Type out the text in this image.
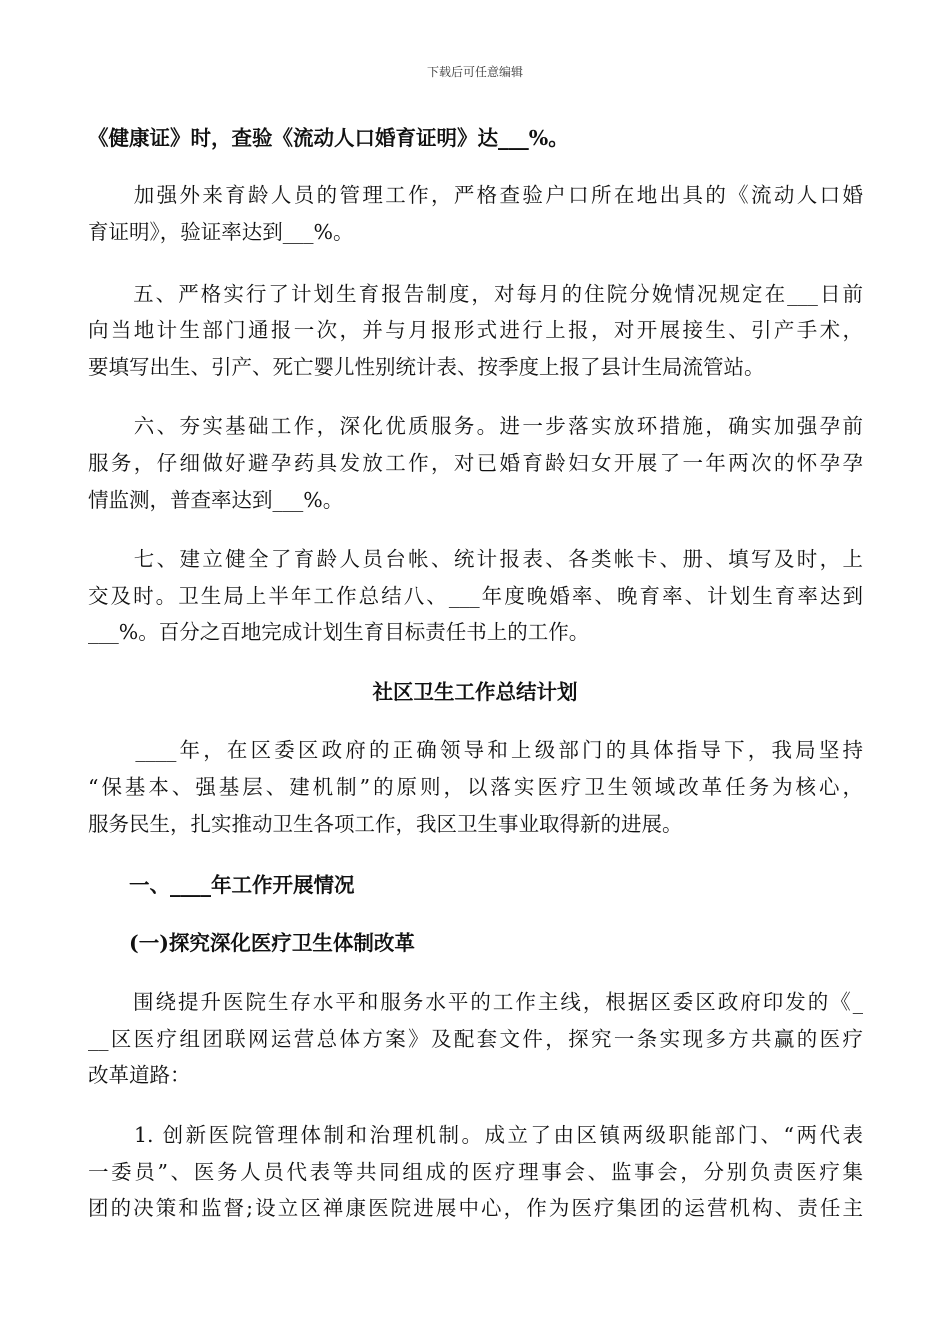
下载后可任意编辑
《健康证》时，查验《流动人口婚育证明》达___%。
　　加强外来育龄人员的管理工作，严格查验户口所在地出具的《流动人口婚
育证明》，验证率达到___%。
　　五、严格实行了计划生育报告制度，对每月的住院分娩情况规定在___日前
向当地计生部门通报一次，并与月报形式进行上报，对开展接生、引产手术，
要填写出生、引产、死亡婴儿性别统计表、按季度上报了县计生局流管站。
　　六、夯实基础工作，深化优质服务。进一步落实放环措施，确实加强孕前
服务，仔细做好避孕药具发放工作，对已婚育龄妇女开展了一年两次的怀孕孕
情监测，普查率达到___%。
　　七、建立健全了育龄人员台帐、统计报表、各类帐卡、册、填写及时，上
交及时。卫生局上半年工作总结八、___年度晚婚率、晚育率、计划生育率达到
___%。百分之百地完成计划生育目标责任书上的工作。
社区卫生工作总结计划
　　____年，在区委区政府的正确领导和上级部门的具体指导下，我局坚持
“保基本、强基层、建机制”的原则，以落实医疗卫生领域改革任务为核心，
服务民生，扎实推动卫生各项工作，我区卫生事业取得新的进展。
　　一、____年工作开展情况
　　(一)探究深化医疗卫生体制改革
　　围绕提升医院生存水平和服务水平的工作主线，根据区委区政府印发的《_
__区医疗组团联网运营总体方案》及配套文件，探究一条实现多方共赢的医疗
改革道路：
　　1. 创新医院管理体制和治理机制。成立了由区镇两级职能部门、“两代表
一委员”、医务人员代表等共同组成的医疗理事会、监事会，分别负责医疗集
团的决策和监督;设立区禅康医院进展中心，作为医疗集团的运营机构、责任主
